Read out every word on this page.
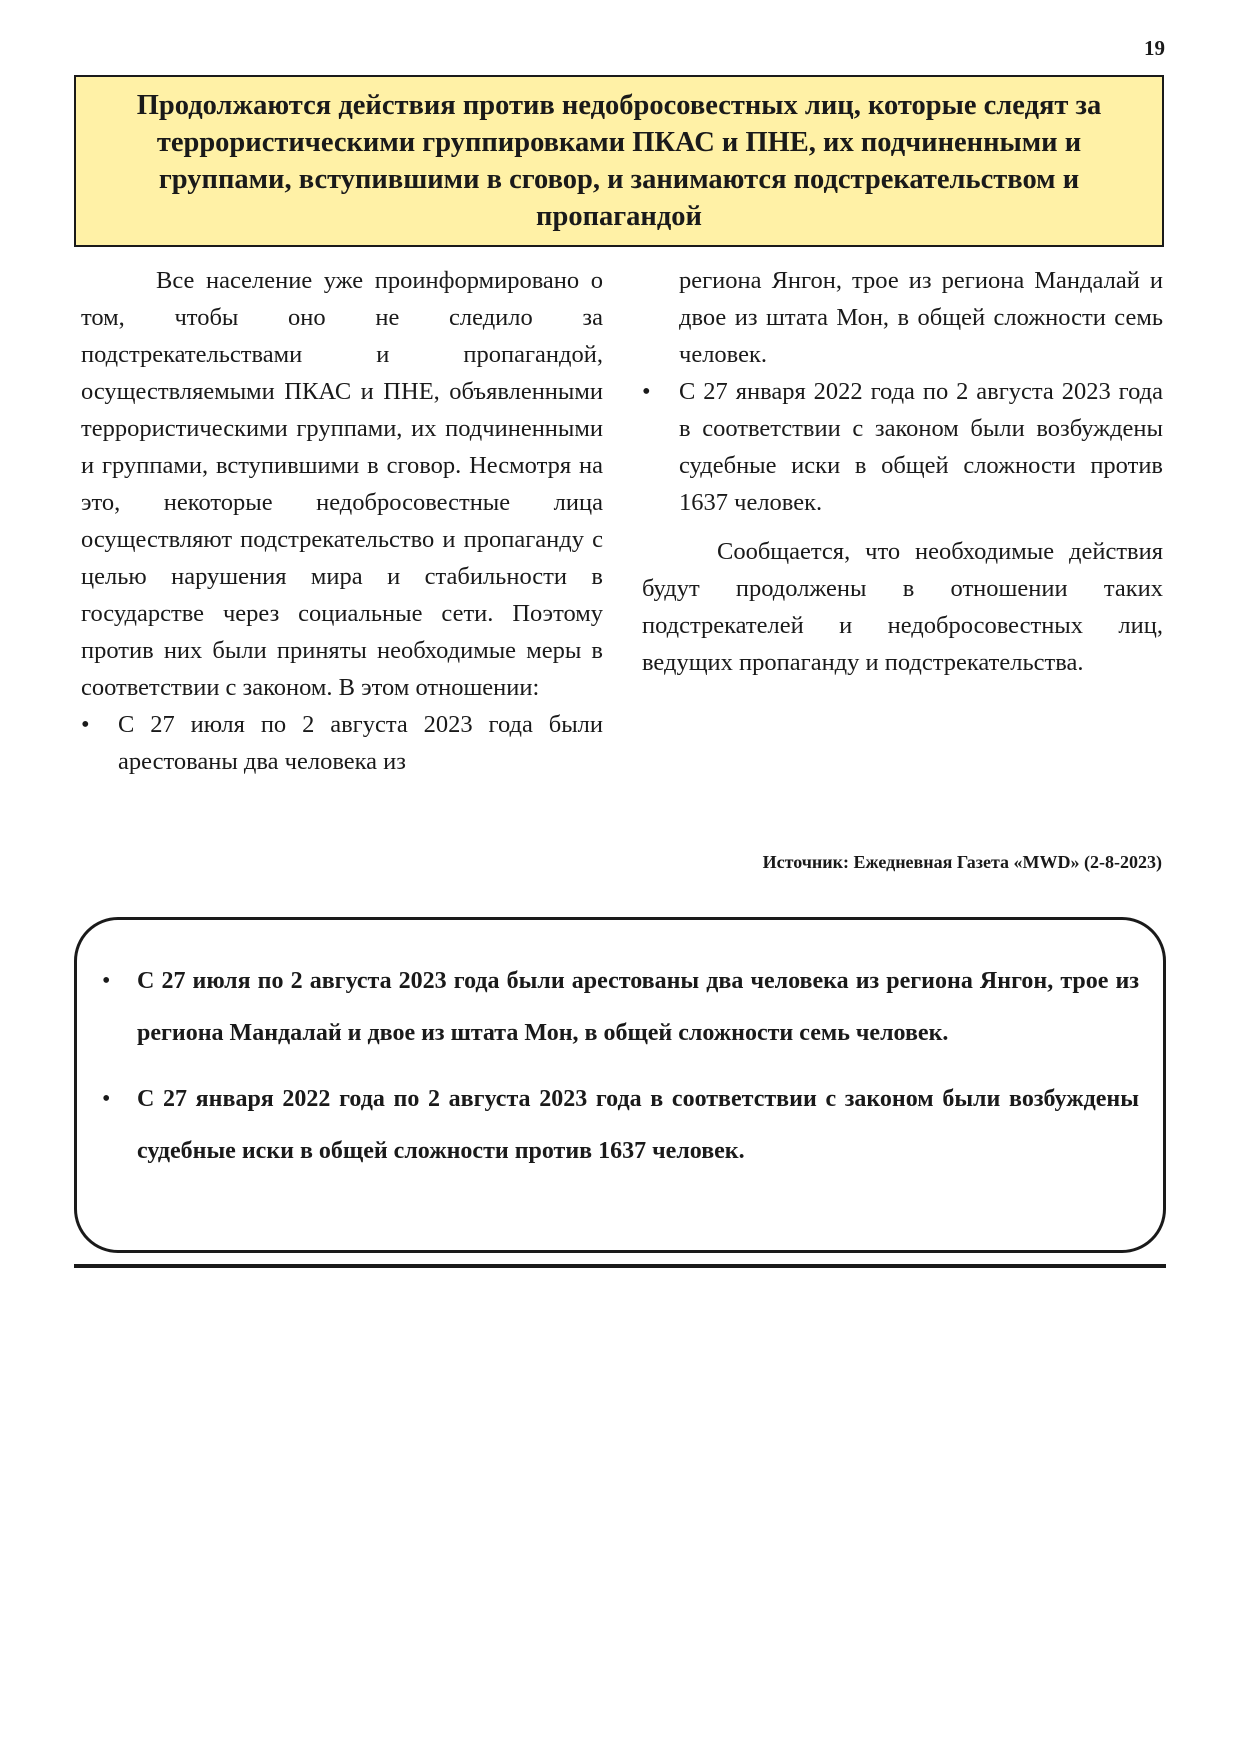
19
Продолжаются действия против недобросовестных лиц, которые следят за террористическими группировками ПКАС и ПНЕ, их подчиненными и группами, вступившими в сговор, и занимаются подстрекательством и пропагандой

Все население уже проинформировано о том, чтобы оно не следило за подстрекательствами и пропагандой, осуществляемыми ПКАС и ПНЕ, объявленными террористическими группами, их подчиненными и группами, вступившими в сговор. Несмотря на это, некоторые недобросовестные лица осуществляют подстрекательство и пропаганду с целью нарушения мира и стабильности в государстве через социальные сети. Поэтому против них были приняты необходимые меры в соответствии с законом. В этом отношении:

• С 27 июля по 2 августа 2023 года были арестованы два человека из

региона Янгон, трое из региона Мандалай и двое из штата Мон, в общей сложности семь человек.

• С 27 января 2022 года по 2 августа 2023 года в соответствии с законом были возбуждены судебные иски в общей сложности против 1637 человек.

Сообщается, что необходимые действия будут продолжены в отношении таких подстрекателей и недобросовестных лиц, ведущих пропаганду и подстрекательства.

Источник: Ежедневная Газета «MWD» (2-8-2023)
• С 27 июля по 2 августа 2023 года были арестованы два человека из региона Янгон, трое из региона Мандалай и двое из штата Мон, в общей сложности семь человек.
• С 27 января 2022 года по 2 августа 2023 года в соответствии с законом были возбуждены судебные иски в общей сложности против 1637 человек.
